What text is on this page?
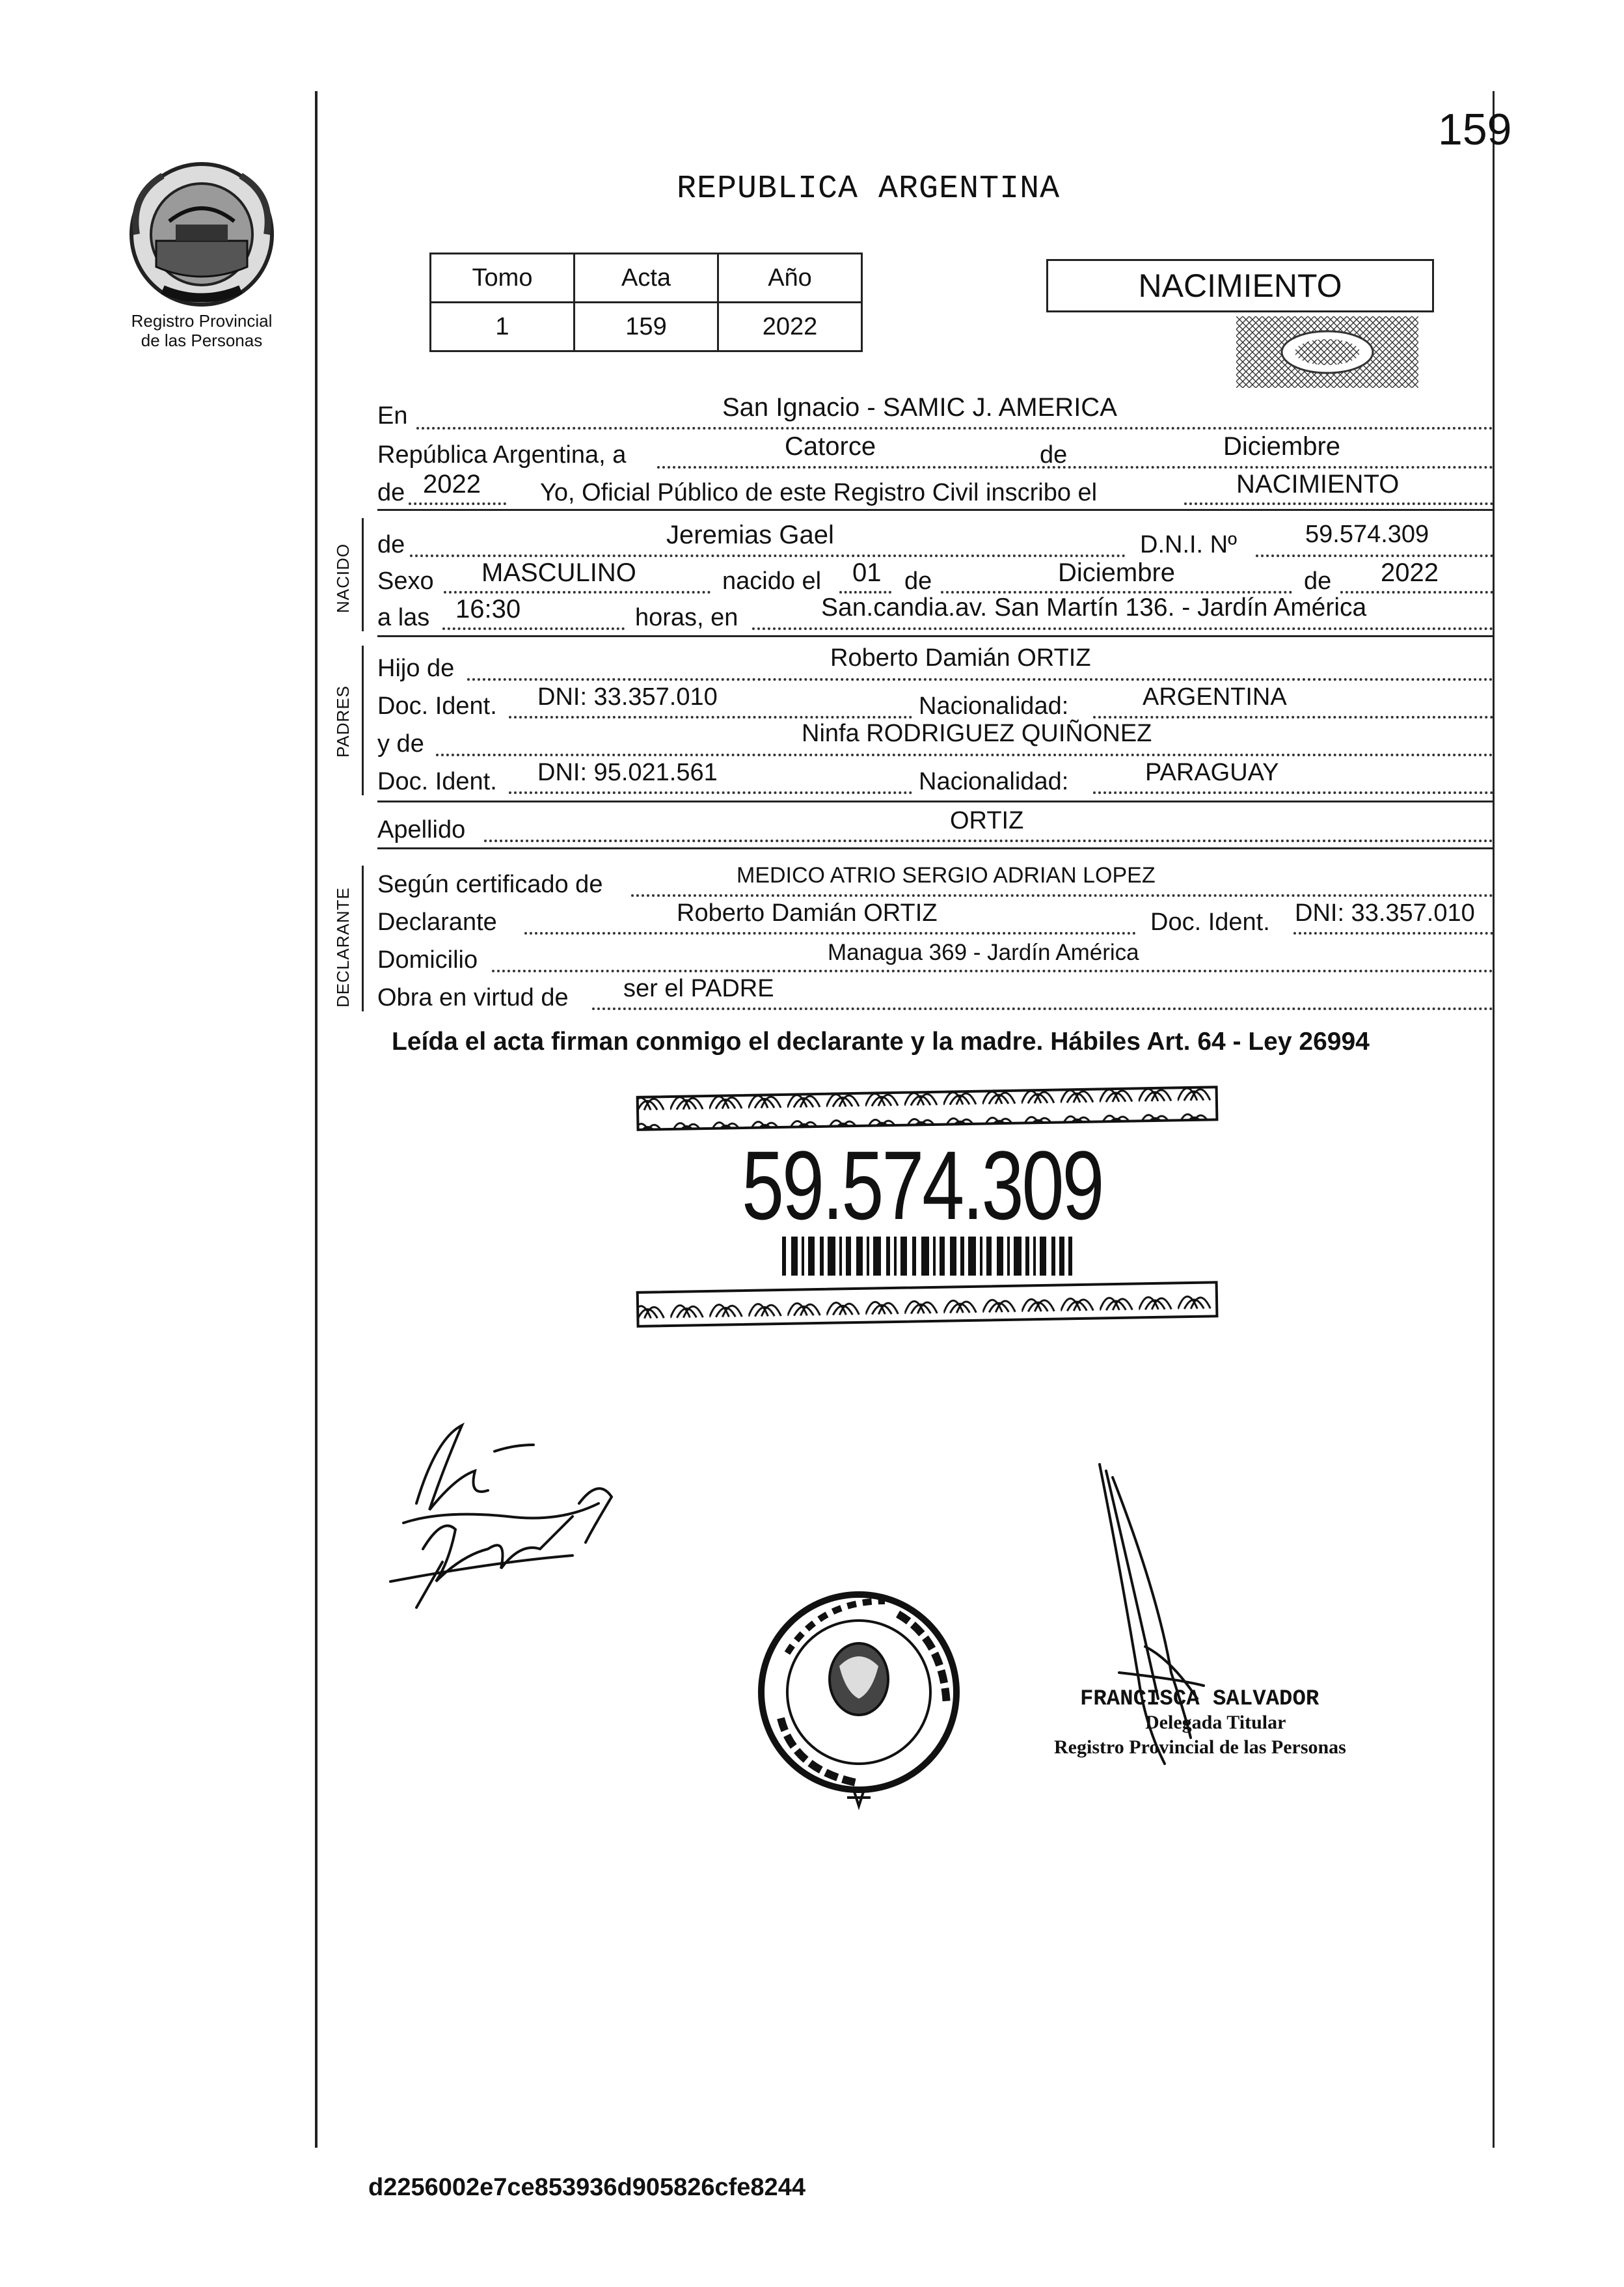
Registro Provincial
de las Personas
159
REPUBLICA ARGENTINA
Tomo	Acta	Año
1	159	2022
NACIMIENTO
En	San Ignacio - SAMIC J. AMERICA
República Argentina, a	Catorce	de	Diciembre
de 2022 Yo, Oficial Público de este Registro Civil inscribo el	NACIMIENTO
NACIDO de	Jeremias Gael	D.N.I. Nº	59.574.309
Sexo MASCULINO	nacido el 01 de	Diciembre	de 2022
a las 16:30	horas, en	San.candia.av. San Martín 136. - Jardín América
PADRES
Hijo de	Roberto Damián ORTIZ
Doc. Ident. DNI: 33.357.010	Nacionalidad:	ARGENTINA
y de	Ninfa RODRIGUEZ QUIÑONEZ
Doc. Ident. DNI: 95.021.561	Nacionalidad:	PARAGUAY
Apellido	ORTIZ
DECLARANTE
Según certificado de	MEDICO ATRIO SERGIO ADRIAN LOPEZ
Declarante	Roberto Damián ORTIZ	Doc. Ident. DNI: 33.357.010
Domicilio	Managua 369 - Jardín América
Obra en virtud de ser el PADRE
Leída el acta firman conmigo el declarante y la madre. Hábiles Art. 64 - Ley 26994
59.574.309
FRANCISCA SALVADOR
Delegada Titular
Registro Provincial de las Personas
d2256002e7ce853936d905826cfe8244
